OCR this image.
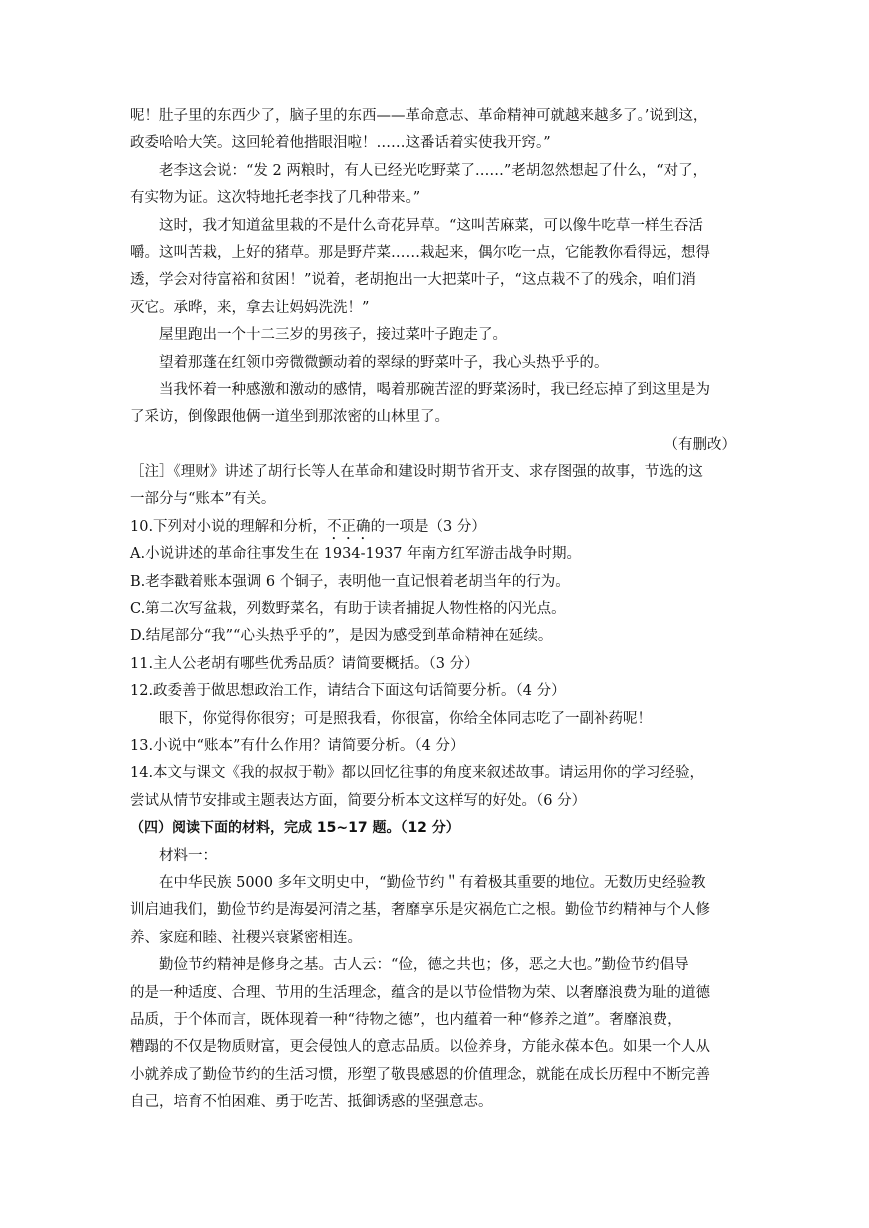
呢！肚子里的东西少了，脑子里的东西——革命意志、革命精神可就越来越多了。’说到这，
政委哈哈大笑。这回轮着他揩眼泪啦！……这番话着实使我开窍。”
老李这会说：“发 2 两粮时，有人已经光吃野菜了……”老胡忽然想起了什么，“对了，
有实物为证。这次特地托老李找了几种带来。”
这时，我才知道盆里栽的不是什么奇花异草。“这叫苦麻菜，可以像牛吃草一样生吞活
嚼。这叫苦栽，上好的猪草。那是野芹菜……栽起来，偶尔吃一点，它能教你看得远，想得
透，学会对待富裕和贫困！”说着，老胡抱出一大把菜叶子，“这点栽不了的残余，咱们消
灭它。承晔，来，拿去让妈妈洗洗！”
屋里跑出一个十二三岁的男孩子，接过菜叶子跑走了。
望着那蓬在红领巾旁微微颤动着的翠绿的野菜叶子，我心头热乎乎的。
当我怀着一种感激和激动的感情，喝着那碗苦涩的野菜汤时，我已经忘掉了到这里是为
了采访，倒像跟他俩一道坐到那浓密的山林里了。
（有删改）
［注］《理财》讲述了胡行长等人在革命和建设时期节省开支、求存图强的故事，节选的这
一部分与“账本”有关。
10.下列对小说的理解和分析，不正确的一项是（3 分）
A.小说讲述的革命往事发生在 1934-1937 年南方红军游击战争时期。
B.老李戳着账本强调 6 个铜子，表明他一直记恨着老胡当年的行为。
C.第二次写盆栽，列数野菜名，有助于读者捕捉人物性格的闪光点。
D.结尾部分“我”“心头热乎乎的”，是因为感受到革命精神在延续。
11.主人公老胡有哪些优秀品质？请简要概括。（3 分）
12.政委善于做思想政治工作，请结合下面这句话简要分析。（4 分）
眼下，你觉得你很穷；可是照我看，你很富，你给全体同志吃了一副补药呢！
13.小说中“账本”有什么作用？请简要分析。（4 分）
14.本文与课文《我的叔叔于勒》都以回忆往事的角度来叙述故事。请运用你的学习经验，
尝试从情节安排或主题表达方面，简要分析本文这样写的好处。（6 分）
（四）阅读下面的材料，完成 15~17 题。（12 分）
材料一：
在中华民族 5000 多年文明史中，“勤俭节约＂有着极其重要的地位。无数历史经验教
训启迪我们，勤俭节约是海晏河清之基，奢靡享乐是灾祸危亡之根。勤俭节约精神与个人修
养、家庭和睦、社稷兴衰紧密相连。
勤俭节约精神是修身之基。古人云：“俭，德之共也；侈，恶之大也。”勤俭节约倡导
的是一种适度、合理、节用的生活理念，蕴含的是以节俭惜物为荣、以奢靡浪费为耻的道德
品质，于个体而言，既体现着一种“待物之德”，也内蕴着一种“修养之道”。奢靡浪费，
糟蹋的不仅是物质财富，更会侵蚀人的意志品质。以俭养身，方能永葆本色。如果一个人从
小就养成了勤俭节约的生活习惯，形塑了敬畏感恩的价值理念，就能在成长历程中不断完善
自己，培育不怕困难、勇于吃苦、抵御诱惑的坚强意志。
